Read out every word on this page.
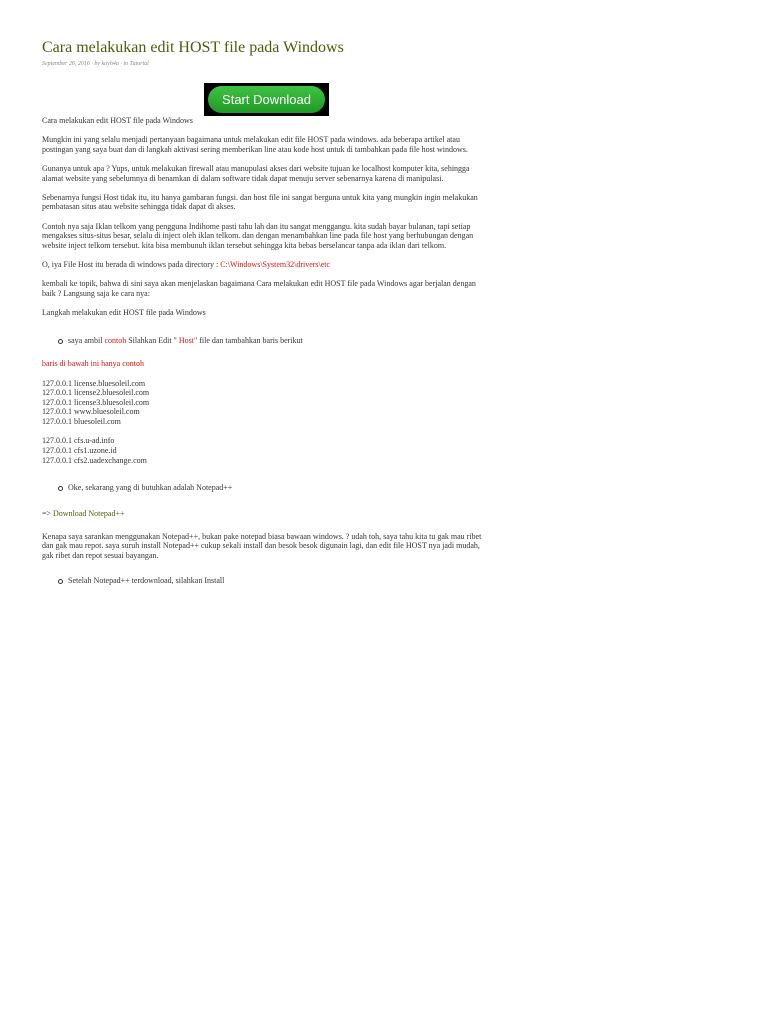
Cara melakukan edit HOST file pada Windows
September 26, 2016 · by kayh4a · in Tutorial
Start Download

Cara melakukan edit HOST file pada Windows

Mungkin ini yang selalu menjadi pertanyaan bagaimana untuk melakukan edit file HOST pada windows. ada beberapa artikel atau postingan yang saya buat dan di langkah aktivasi sering memberikan line atau kode host untuk di tambahkan pada file host windows.

Gunanya untuk apa ? Yups, untuk melakukan firewall atau manupulasi akses dari website tujuan ke localhost komputer kita, sehingga alamat website yang sebelumnya di benamkan di dalam software tidak dapat menuju server sebenarnya karena di manipulasi.

Sebenarnya fungsi Host tidak itu, itu hanya gambaran fungsi. dan host file ini sangat berguna untuk kita yang mungkin ingin melakukan pembatasan situs atau website sehingga tidak dapat di akses.

Contoh nya saja Iklan telkom yang pengguna Indihome pasti tahu lah dan itu sangat menggangu. kita sudah bayar bulanan, tapi setiap mengakses situs-situs besar, selalu di inject oleh iklan telkom. dan dengan menambahkan line pada file host yang berhubungan dengan website inject telkom tersebut. kita bisa membunuh iklan tersebut sehingga kita bebas berselancar tanpa ada iklan dari telkom.

O, iya File Host itu berada di windows pada directory : C:\Windows\System32\drivers\etc

kembali ke topik, bahwa di sini saya akan menjelaskan bagaimana Cara melakukan edit HOST file pada Windows agar berjalan dengan baik ? Langsung saja ke cara nya:

Langkah melakukan edit HOST file pada Windows

saya ambil contoh Silahkan Edit " Host" file dan tambahkan baris berikut

baris di bawah ini hanya contoh

127.0.0.1 license.bluesoleil.com
127.0.0.1 license2.bluesoleil.com
127.0.0.1 license3.bluesoleil.com
127.0.0.1 www.bluesoleil.com
127.0.0.1 bluesoleil.com
127.0.0.1 cfs.u-ad.info
127.0.0.1 cfs1.uzone.id
127.0.0.1 cfs2.uadexchange.com
Oke, sekarang yang di butuhkan adalah Notepad++

=> Download Notepad++

Kenapa saya sarankan menggunakan Notepad++, bukan pake notepad biasa bawaan windows. ? udah toh, saya tahu kita tu gak mau ribet dan gak mau repot. saya suruh install Notepad++ cukup sekali install dan besok besok digunain lagi, dan edit file HOST nya jadi mudah, gak ribet dan repot sesuai bayangan.

Setelah Notepad++ terdownload, silahkan Install
